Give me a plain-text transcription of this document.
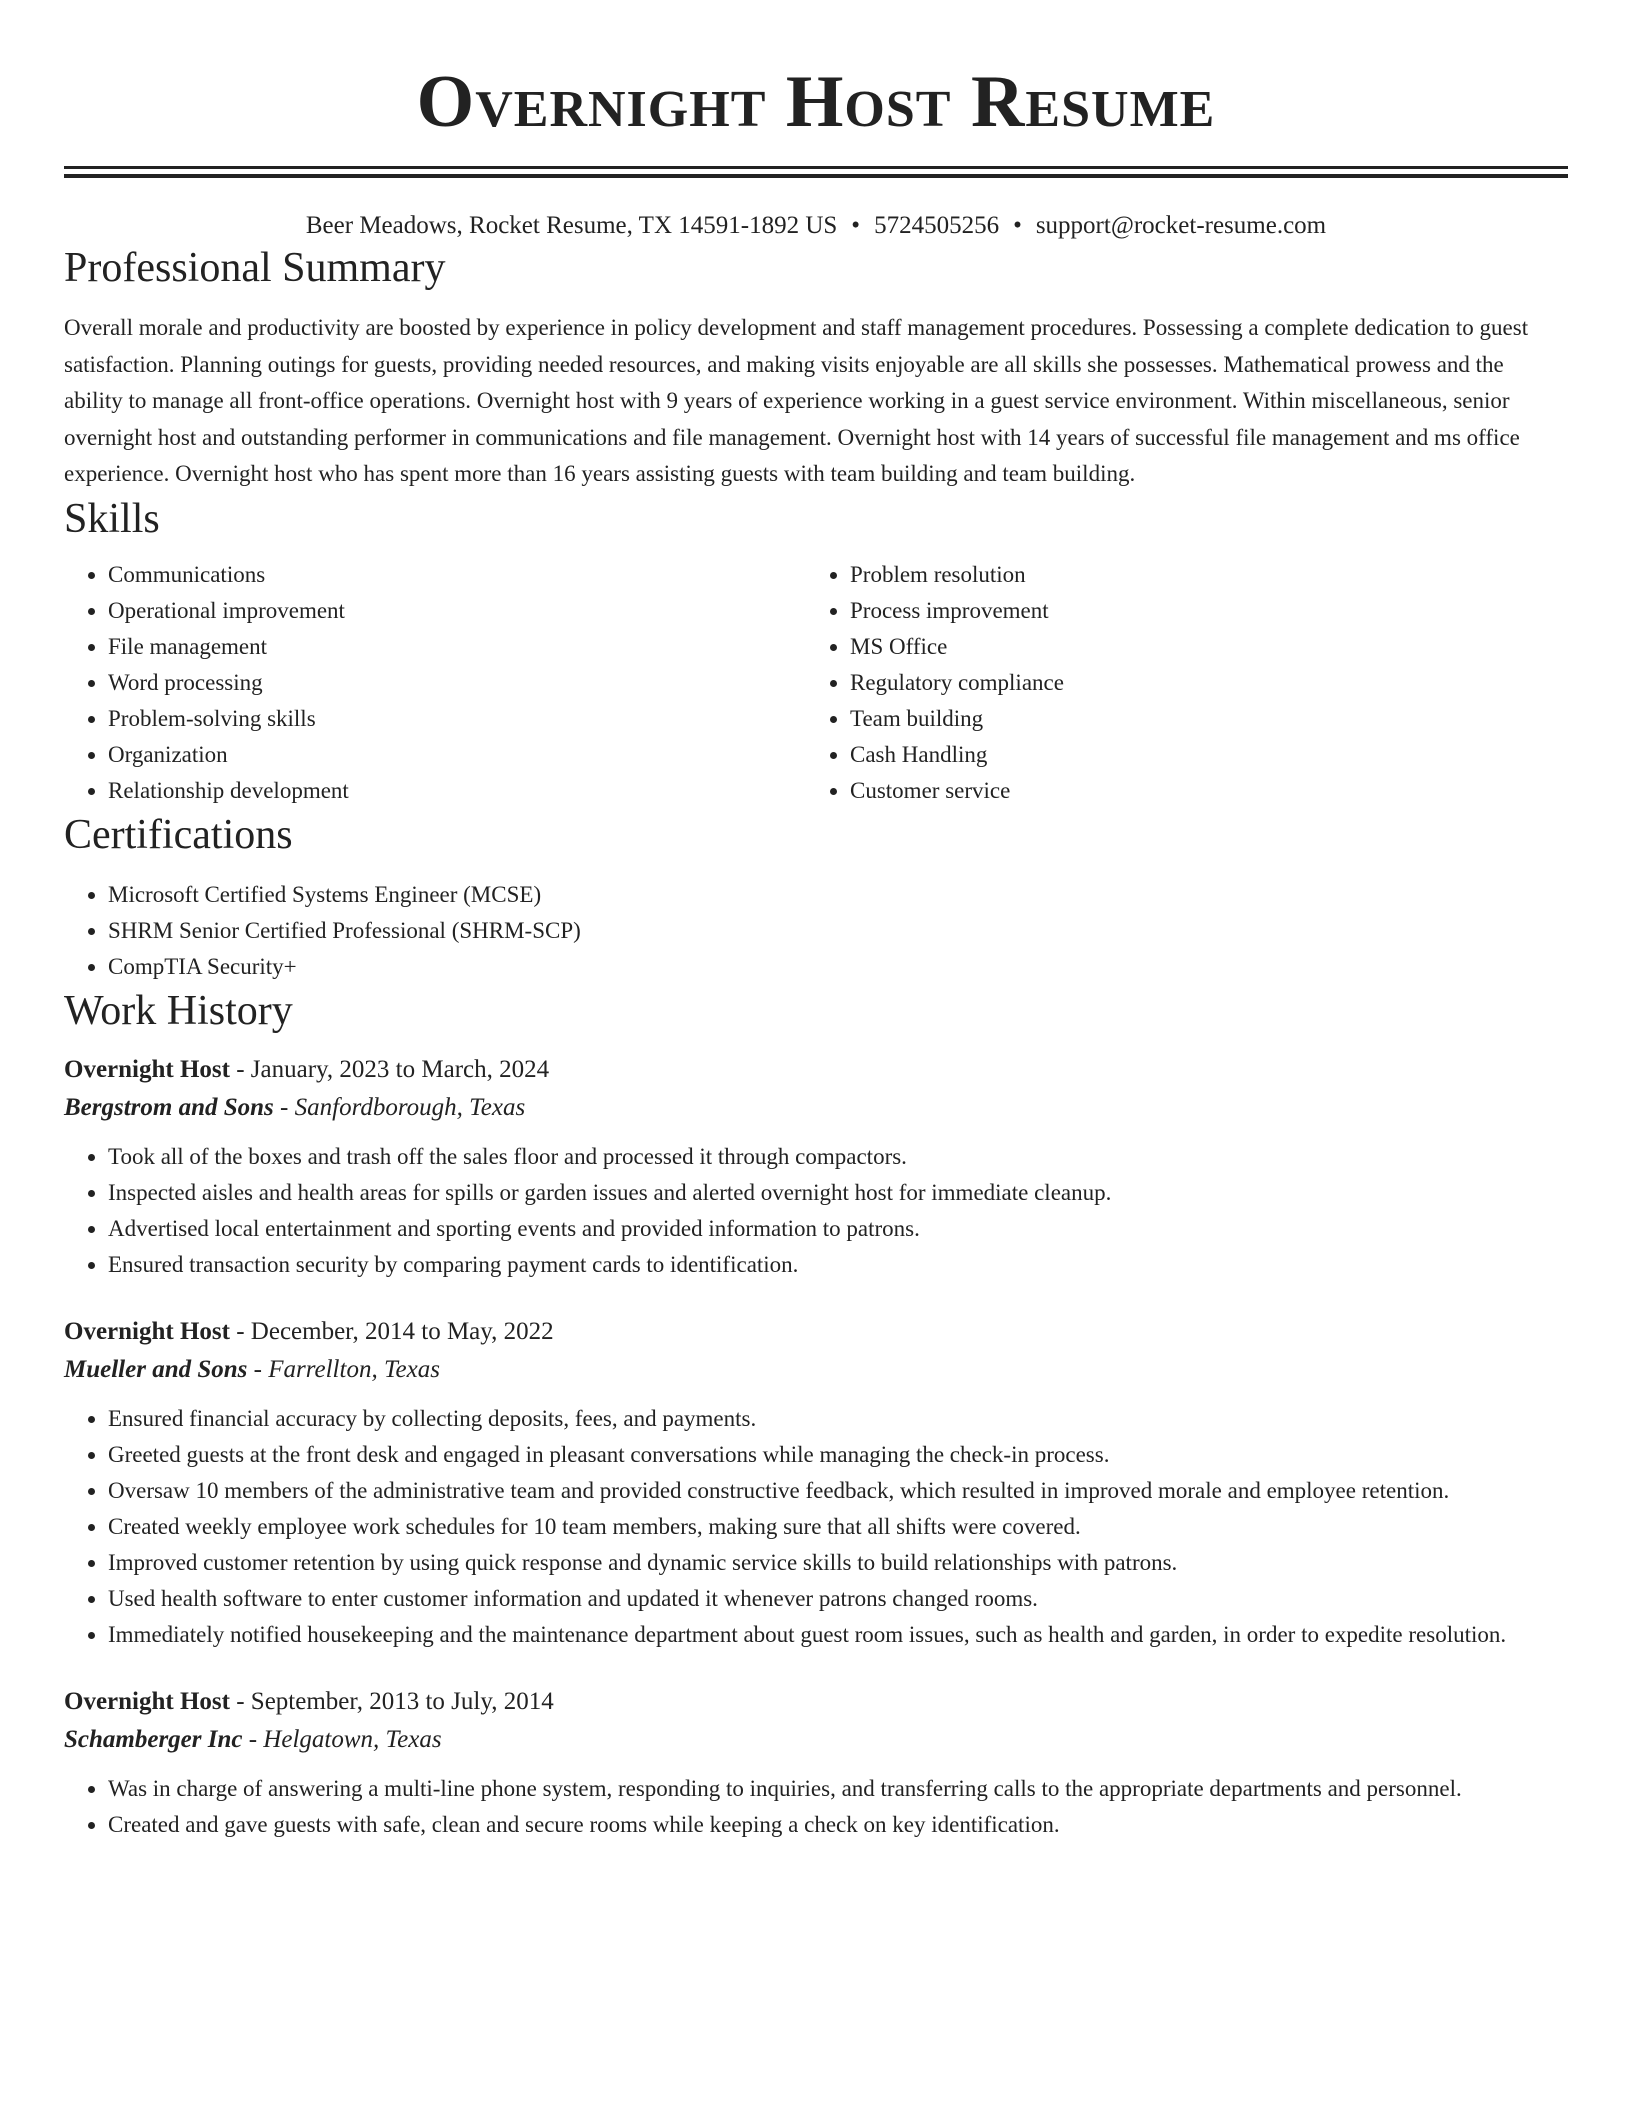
Overnight Host Resume
Beer Meadows, Rocket Resume, TX 14591-1892 US • 5724505256 • support@rocket-resume.com
Professional Summary

Overall morale and productivity are boosted by experience in policy development and staff management procedures. Possessing a complete dedication to guest satisfaction. Planning outings for guests, providing needed resources, and making visits enjoyable are all skills she possesses. Mathematical prowess and the ability to manage all front-office operations. Overnight host with 9 years of experience working in a guest service environment. Within miscellaneous, senior overnight host and outstanding performer in communications and file management. Overnight host with 14 years of successful file management and ms office experience. Overnight host who has spent more than 16 years assisting guests with team building and team building.

Skills
• Communications
• Operational improvement
• File management
• Word processing
• Problem-solving skills
• Organization
• Relationship development
• Problem resolution
• Process improvement
• MS Office
• Regulatory compliance
• Team building
• Cash Handling
• Customer service
Certifications
• Microsoft Certified Systems Engineer (MCSE)
• SHRM Senior Certified Professional (SHRM-SCP)
• CompTIA Security+
Work History
Overnight Host - January, 2023 to March, 2024
Bergstrom and Sons - Sanfordborough, Texas
• Took all of the boxes and trash off the sales floor and processed it through compactors.
• Inspected aisles and health areas for spills or garden issues and alerted overnight host for immediate cleanup.
• Advertised local entertainment and sporting events and provided information to patrons.
• Ensured transaction security by comparing payment cards to identification.
Overnight Host - December, 2014 to May, 2022
Mueller and Sons - Farrellton, Texas
• Ensured financial accuracy by collecting deposits, fees, and payments.
• Greeted guests at the front desk and engaged in pleasant conversations while managing the check-in process.
• Oversaw 10 members of the administrative team and provided constructive feedback, which resulted in improved morale and employee retention.
• Created weekly employee work schedules for 10 team members, making sure that all shifts were covered.
• Improved customer retention by using quick response and dynamic service skills to build relationships with patrons.
• Used health software to enter customer information and updated it whenever patrons changed rooms.
• Immediately notified housekeeping and the maintenance department about guest room issues, such as health and garden, in order to expedite resolution.
Overnight Host - September, 2013 to July, 2014
Schamberger Inc - Helgatown, Texas
• Was in charge of answering a multi-line phone system, responding to inquiries, and transferring calls to the appropriate departments and personnel.
• Created and gave guests with safe, clean and secure rooms while keeping a check on key identification.
